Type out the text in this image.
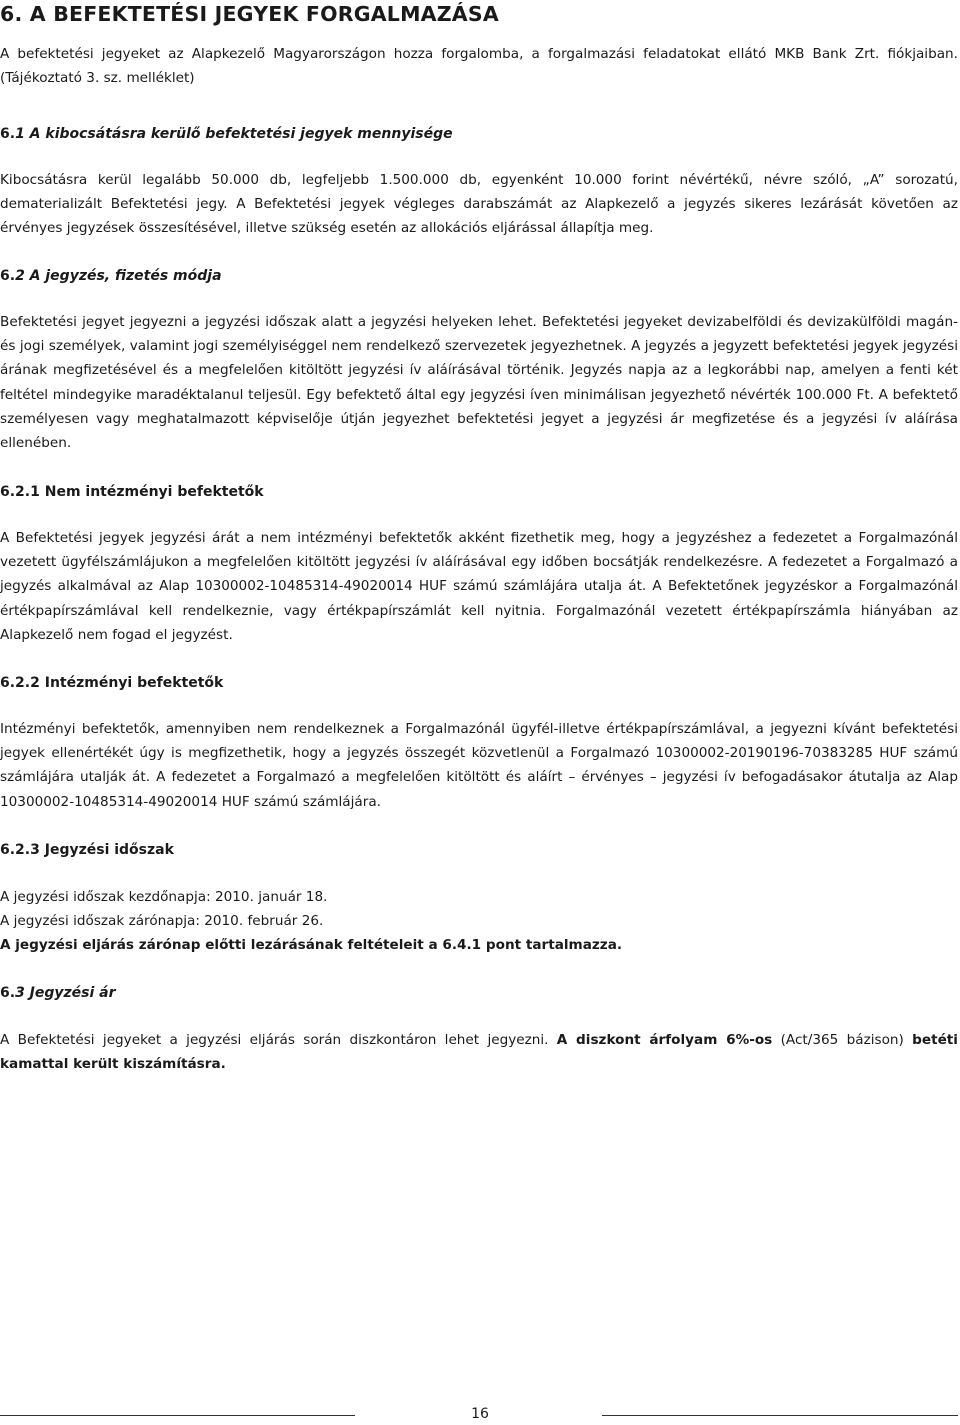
6. A BEFEKTETÉSI JEGYEK FORGALMAZÁSA

A befektetési jegyeket az Alapkezelő Magyarországon hozza forgalomba, a forgalmazási feladatokat ellátó MKB Bank Zrt. fiókjaiban. (Tájékoztató 3. sz. melléklet)

6.1 A kibocsátásra kerülő befektetési jegyek mennyisége

Kibocsátásra kerül legalább 50.000 db, legfeljebb 1.500.000 db, egyenként 10.000 forint névértékű, névre szóló, „A” sorozatú, dematerializált Befektetési jegy. A Befektetési jegyek végleges darabszámát az Alapkezelő a jegyzés sikeres lezárását követően az érvényes jegyzések összesítésével, illetve szükség esetén az allokációs eljárással állapítja meg.

6.2 A jegyzés, fizetés módja

Befektetési jegyet jegyezni a jegyzési időszak alatt a jegyzési helyeken lehet. Befektetési jegyeket devizabelföldi és devizakülföldi magán- és jogi személyek, valamint jogi személyiséggel nem rendelkező szervezetek jegyezhetnek. A jegyzés a jegyzett befektetési jegyek jegyzési árának megfizetésével és a megfelelően kitöltött jegyzési ív aláírásával történik. Jegyzés napja az a legkorábbi nap, amelyen a fenti két feltétel mindegyike maradéktalanul teljesül. Egy befektető által egy jegyzési íven minimálisan jegyezhető névérték 100.000 Ft. A befektető személyesen vagy meghatalmazott képviselője útján jegyezhet befektetési jegyet a jegyzési ár megfizetése és a jegyzési ív aláírása ellenében.

6.2.1 Nem intézményi befektetők

A Befektetési jegyek jegyzési árát a nem intézményi befektetők akként fizethetik meg, hogy a jegyzéshez a fedezetet a Forgalmazónál vezetett ügyfélszámlájukon a megfelelően kitöltött jegyzési ív aláírásával egy időben bocsátják rendelkezésre. A fedezetet a Forgalmazó a jegyzés alkalmával az Alap 10300002-10485314-49020014 HUF számú számlájára utalja át. A Befektetőnek jegyzéskor a Forgalmazónál értékpapírszámlával kell rendelkeznie, vagy értékpapírszámlát kell nyitnia. Forgalmazónál vezetett értékpapírszámla hiányában az Alapkezelő nem fogad el jegyzést.

6.2.2 Intézményi befektetők

Intézményi befektetők, amennyiben nem rendelkeznek a Forgalmazónál ügyfél-illetve értékpapírszámlával, a jegyezni kívánt befektetési jegyek ellenértékét úgy is megfizethetik, hogy a jegyzés összegét közvetlenül a Forgalmazó 10300002-20190196-70383285 HUF számú számlájára utalják át. A fedezetet a Forgalmazó a megfelelően kitöltött és aláírt – érvényes – jegyzési ív befogadásakor átutalja az Alap 10300002-10485314-49020014 HUF számú számlájára.

6.2.3 Jegyzési időszak

A jegyzési időszak kezdőnapja: 2010. január 18.

A jegyzési időszak zárónapja: 2010. február 26.

A jegyzési eljárás zárónap előtti lezárásának feltételeit a 6.4.1 pont tartalmazza.

6.3 Jegyzési ár

A Befektetési jegyeket a jegyzési eljárás során diszkontáron lehet jegyezni. A diszkont árfolyam 6%-os (Act/365 bázison) betéti kamattal került kiszámításra.

16
